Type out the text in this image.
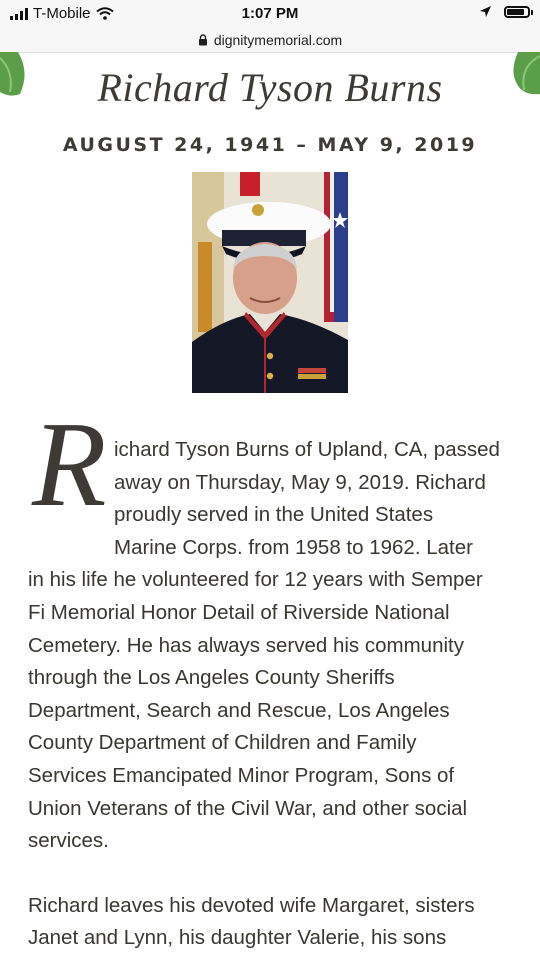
T-Mobile	1:07 PM
dignitymemorial.com
Richard Tyson Burns
AUGUST 24, 1941 – MAY 9, 2019
R ichard Tyson Burns of Upland, CA, passed
away on Thursday, May 9, 2019. Richard
proudly served in the United States
Marine Corps. from 1958 to 1962. Later
in his life he volunteered for 12 years with Semper
Fi Memorial Honor Detail of Riverside National
Cemetery. He has always served his community
through the Los Angeles County Sheriffs
Department, Search and Rescue, Los Angeles
County Department of Children and Family
Services Emancipated Minor Program, Sons of
Union Veterans of the Civil War, and other social
services.

Richard leaves his devoted wife Margaret, sisters
Janet and Lynn, his daughter Valerie, his sons
